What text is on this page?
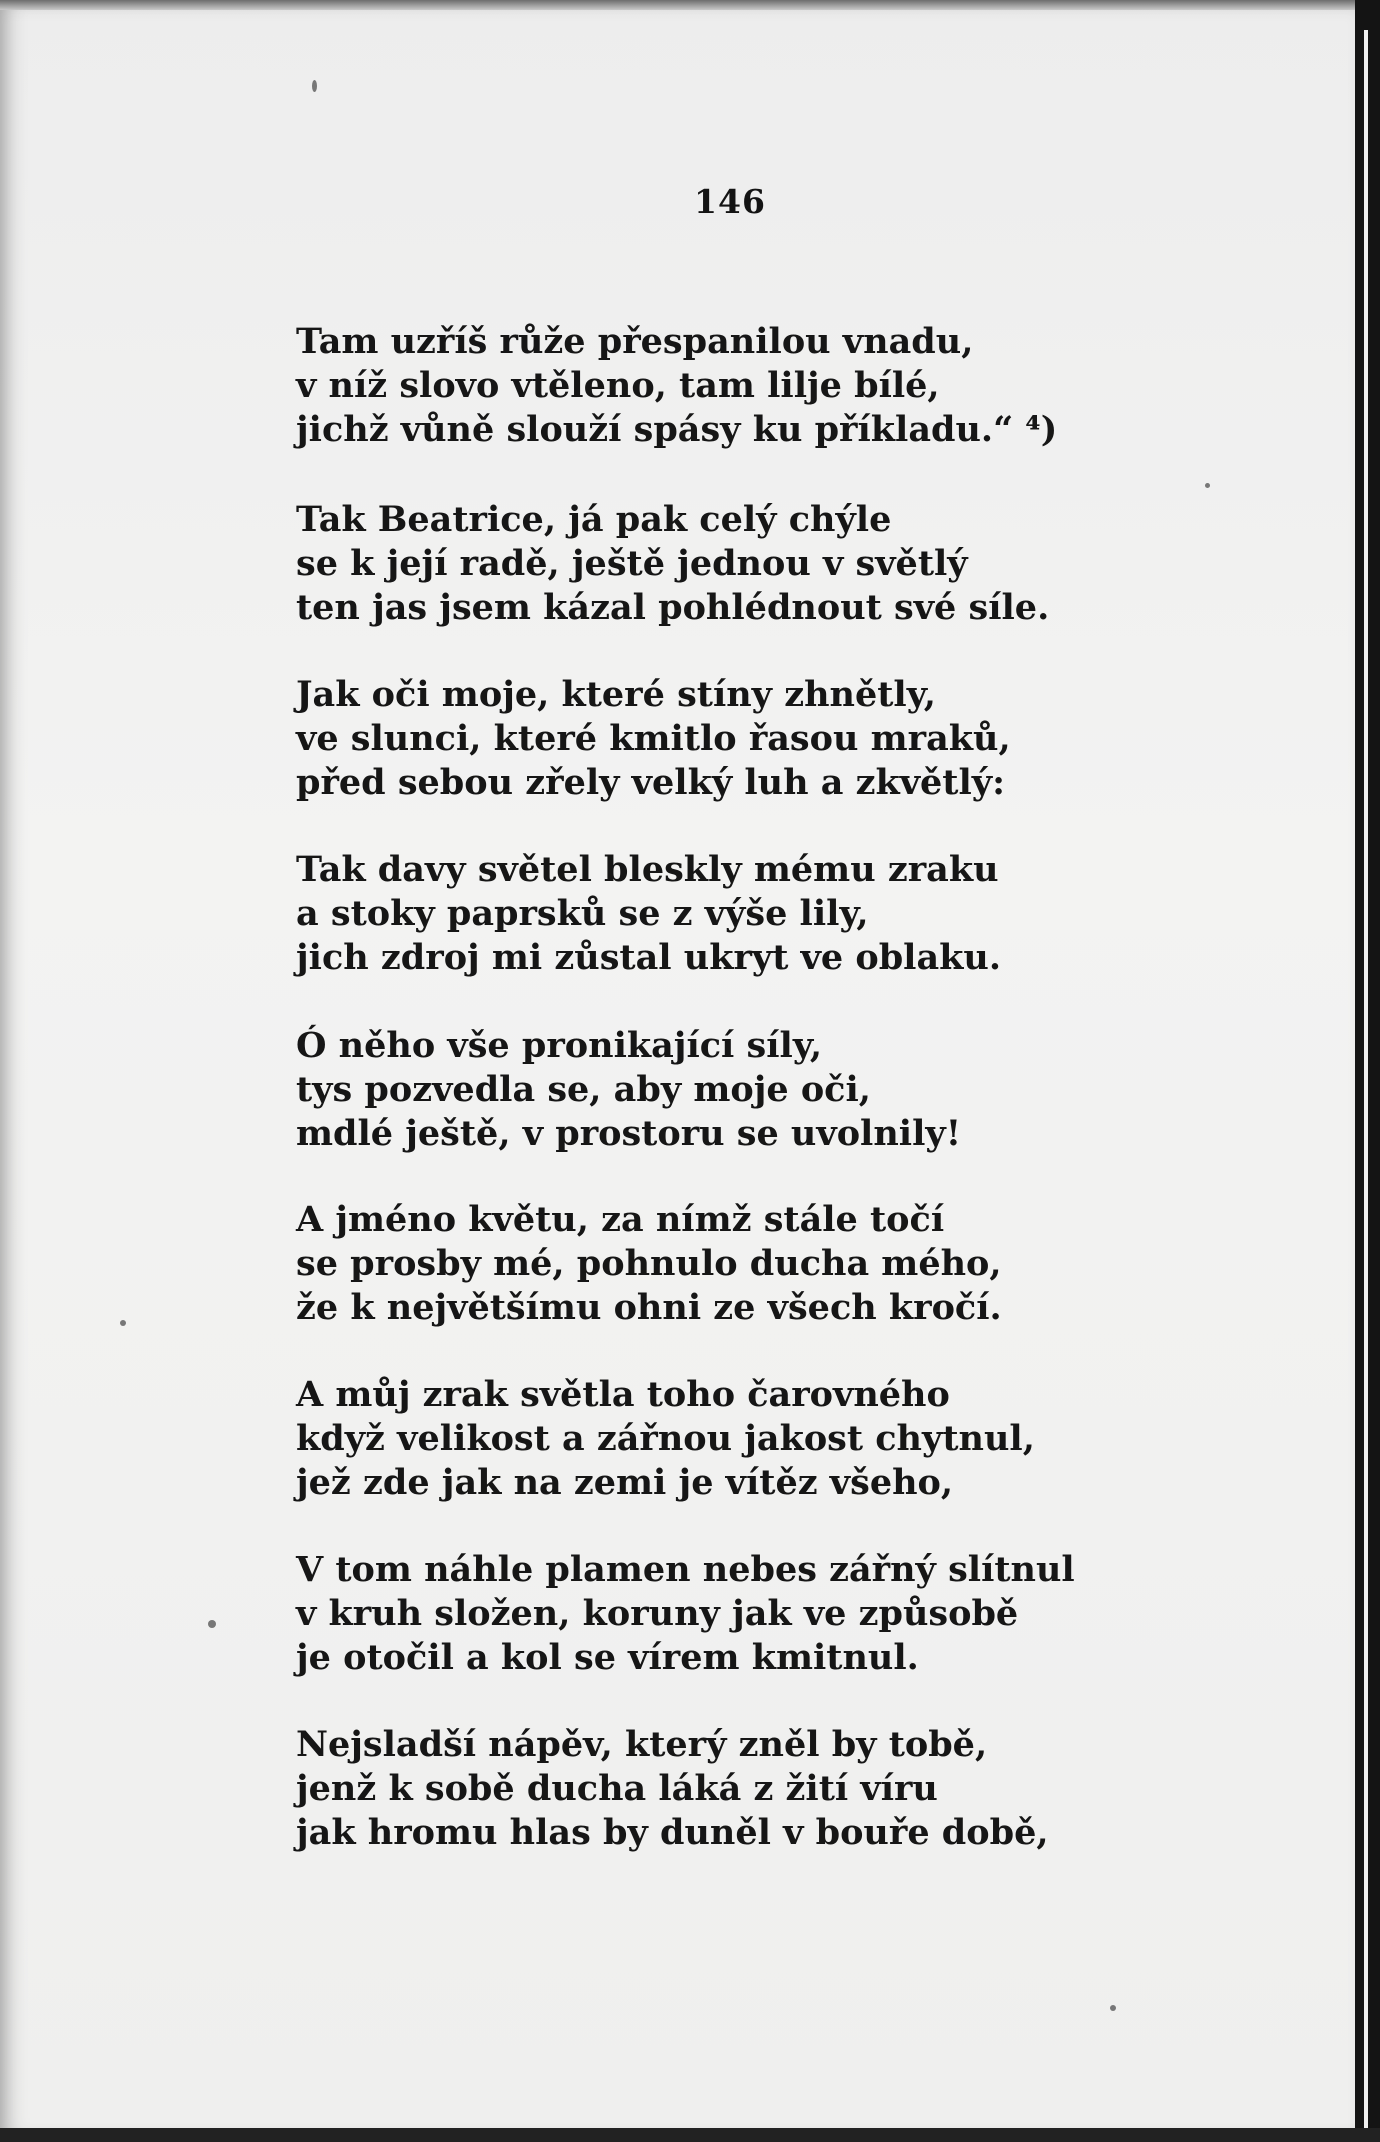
146
Tam uzříš růže přespanilou vnadu,
v níž slovo vtěleno, tam lilje bílé,
jichž vůně slouží spásy ku příkladu.“ ⁴)
Tak Beatrice, já pak celý chýle
se k její radě, ještě jednou v světlý
ten jas jsem kázal pohlédnout své síle.
Jak oči moje, které stíny zhnětly,
ve slunci, které kmitlo řasou mraků,
před sebou zřely velký luh a zkvětlý:
Tak davy světel bleskly mému zraku
a stoky paprsků se z výše lily,
jich zdroj mi zůstal ukryt ve oblaku.
Ó něho vše pronikající síly,
tys pozvedla se, aby moje oči,
mdlé ještě, v prostoru se uvolnily!
A jméno květu, za nímž stále točí
se prosby mé, pohnulo ducha mého,
že k největšímu ohni ze všech kročí.
A můj zrak světla toho čarovného
když velikost a zářnou jakost chytnul,
jež zde jak na zemi je vítěz všeho,
V tom náhle plamen nebes zářný slítnul
v kruh složen, koruny jak ve způsobě
je otočil a kol se vírem kmitnul.
Nejsladší nápěv, který zněl by tobě,
jenž k sobě ducha láká z žití víru
jak hromu hlas by duněl v bouře době,
